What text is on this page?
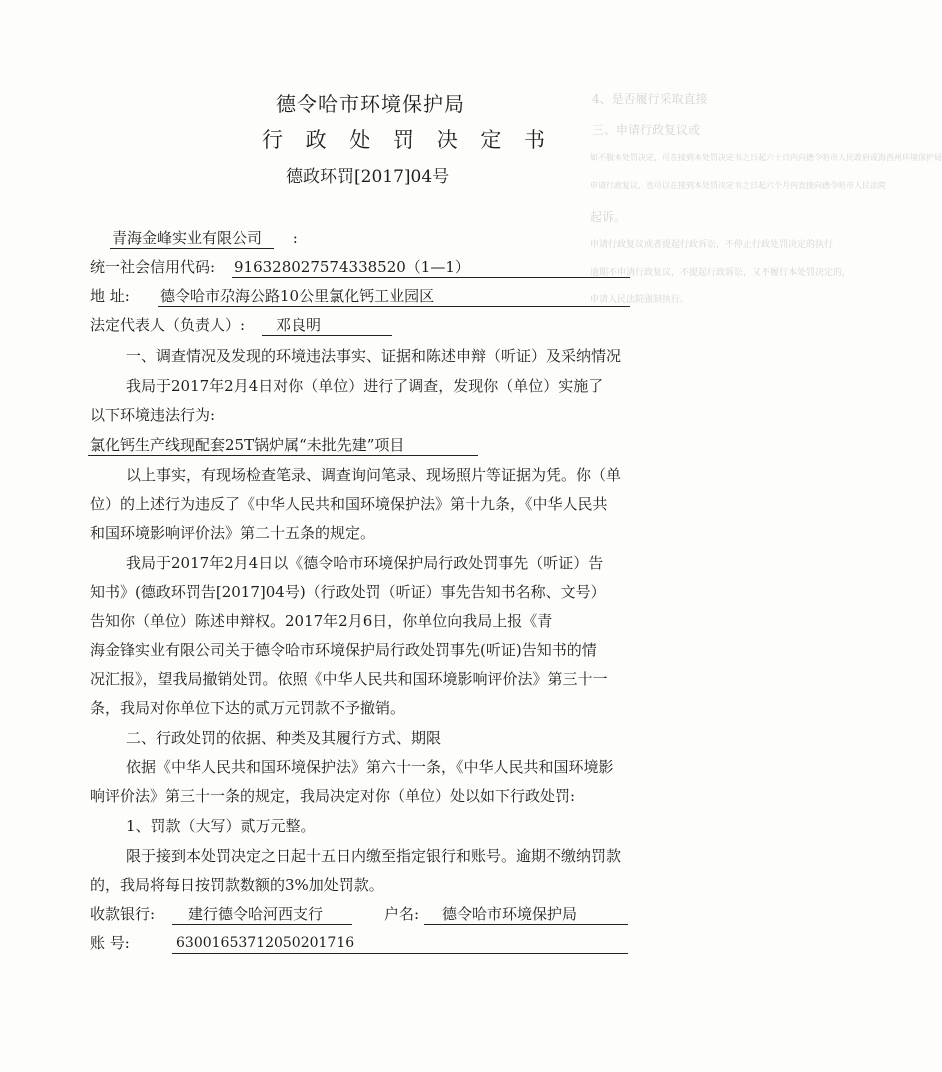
4、是否履行采取直接
三、申请行政复议或
如不服本处罚决定，可在接到本处罚决定书之日起六十日内向德令哈市人民政府或海西州环境保护局
申请行政复议，也可以在接到本处罚决定书之日起六个月内直接向德令哈市人民法院
起诉。
申请行政复议或者提起行政诉讼，不停止行政处罚决定的执行
逾期不申请行政复议，不提起行政诉讼，又不履行本处罚决定的，
申请人民法院强制执行。
德令哈市环境保护局
行 政 处 罚 决 定 书
德政环罚[2017]04号
青海金峰实业有限公司 :
统一社会信用代码: 916328027574338520（1—1）
地 址: 德令哈市尕海公路10公里氯化钙工业园区
法定代表人（负责人）: 邓良明
一、调查情况及发现的环境违法事实、证据和陈述申辩（听证）及采纳情况
我局于2017年2月4日对你（单位）进行了调查，发现你（单位）实施了
以下环境违法行为:
氯化钙生产线现配套25T锅炉属“未批先建”项目
以上事实，有现场检查笔录、调查询问笔录、现场照片等证据为凭。你（单
位）的上述行为违反了《中华人民共和国环境保护法》第十九条，《中华人民共
和国环境影响评价法》第二十五条的规定。
我局于2017年2月4日以《德令哈市环境保护局行政处罚事先（听证）告
知书》(德政环罚告[2017]04号)（行政处罚（听证）事先告知书名称、文号）
告知你（单位）陈述申辩权。2017年2月6日，你单位向我局上报《青
海金锋实业有限公司关于德令哈市环境保护局行政处罚事先(听证)告知书的情
况汇报》，望我局撤销处罚。依照《中华人民共和国环境影响评价法》第三十一
条，我局对你单位下达的贰万元罚款不予撤销。
二、行政处罚的依据、种类及其履行方式、期限
依据《中华人民共和国环境保护法》第六十一条，《中华人民共和国环境影
响评价法》第三十一条的规定，我局决定对你（单位）处以如下行政处罚:
1、罚款（大写）贰万元整。
限于接到本处罚决定之日起十五日内缴至指定银行和账号。逾期不缴纳罚款
的，我局将每日按罚款数额的3%加处罚款。
收款银行: 建行德令哈河西支行	户名: 德令哈市环境保护局
账 号:	63001653712050201716
